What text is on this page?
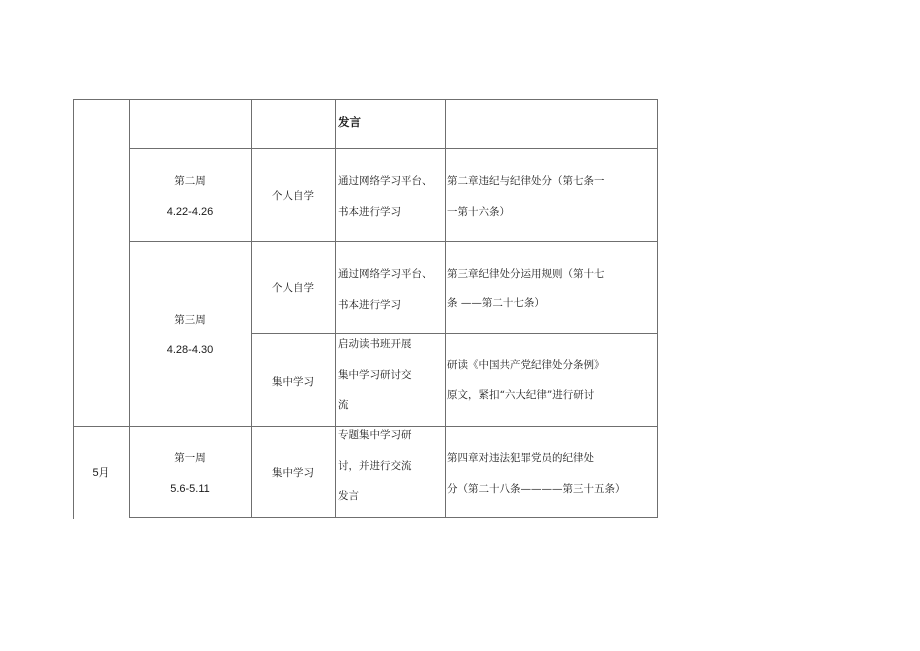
发言
第二周
4.22-4.26
个人自学
通过网络学习平台、
书本进行学习
第二章违纪与纪律处分（第七条一
一第十六条）
第三周
4.28-4.30
个人自学
通过网络学习平台、
书本进行学习
第三章纪律处分运用规则（第十七
条 ——第二十七条）
集中学习
启动读书班开展
集中学习研讨交
流
研读《中国共产党纪律处分条例》
原文，紧扣“六大纪律”进行研讨
5月
第一周
5.6-5.11
集中学习
专题集中学习研
讨，并进行交流
发言
第四章对违法犯罪党员的纪律处
分（第二十八条————第三十五条）
